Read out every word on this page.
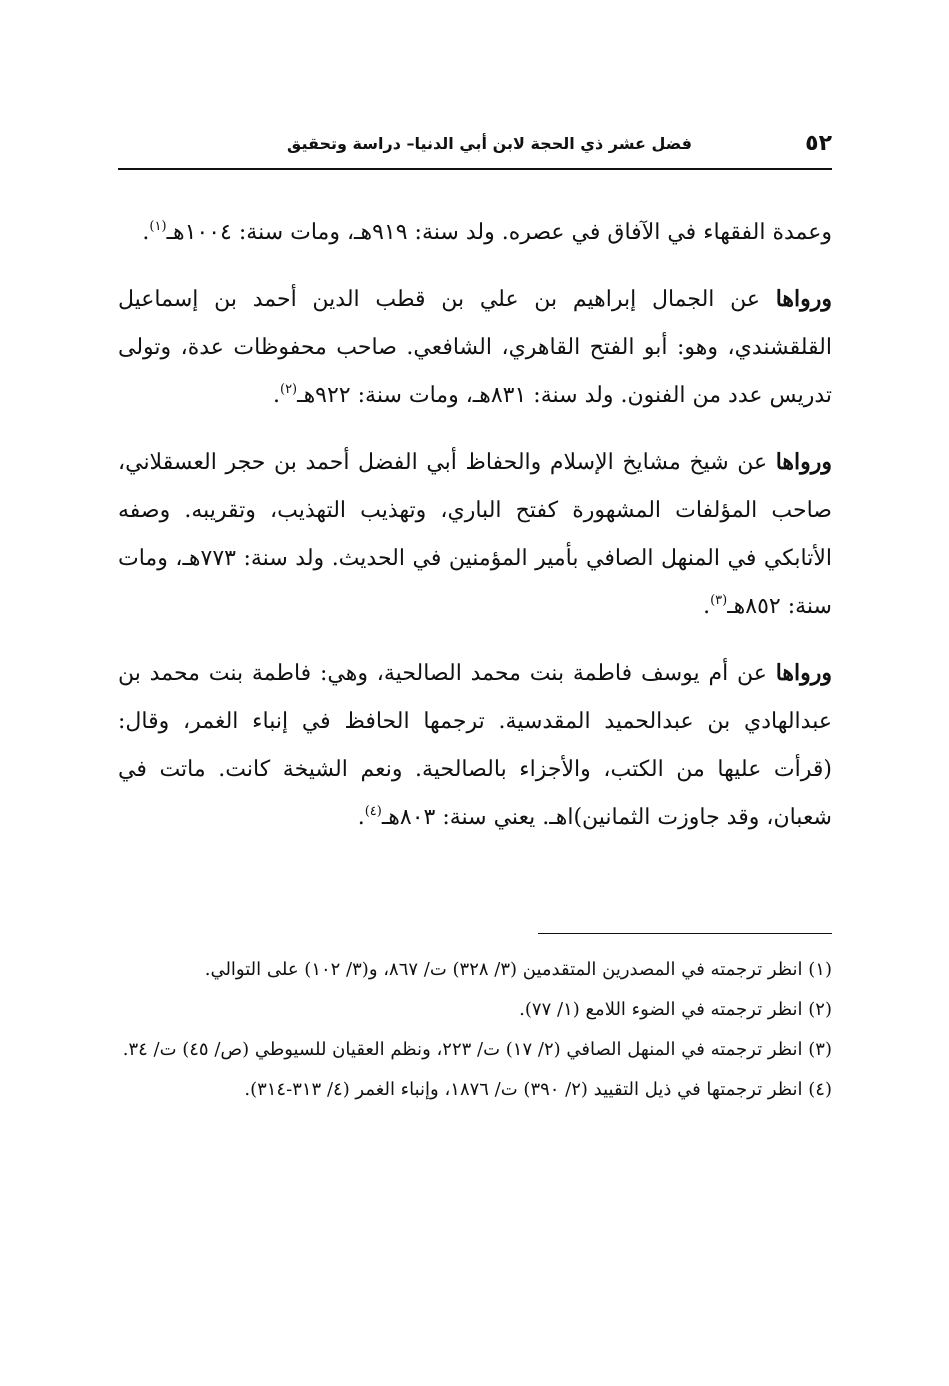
٥٢
فضل عشر ذي الحجة لابن أبي الدنيا– دراسة وتحقيق

وعمدة الفقهاء في الآفاق في عصره. ولد سنة: ٩١٩هـ، ومات سنة: ١٠٠٤هـ$^{(١)}$.

ورواها عن الجمال إبراهيم بن علي بن قطب الدين أحمد بن إسماعيل القلقشندي، وهو: أبو الفتح القاهري، الشافعي. صاحب محفوظات عدة، وتولى تدريس عدد من الفنون. ولد سنة: ٨٣١هـ، ومات سنة: ٩٢٢هـ$^{(٢)}$.

ورواها عن شيخ مشايخ الإسلام والحفاظ أبي الفضل أحمد بن حجر العسقلاني، صاحب المؤلفات المشهورة كفتح الباري، وتهذيب التهذيب، وتقريبه. وصفه الأتابكي في المنهل الصافي بأمير المؤمنين في الحديث. ولد سنة: ٧٧٣هـ، ومات سنة: ٨٥٢هـ$^{(٣)}$.

ورواها عن أم يوسف فاطمة بنت محمد الصالحية، وهي: فاطمة بنت محمد بن عبدالهادي بن عبدالحميد المقدسية. ترجمها الحافظ في إنباء الغمر، وقال: (قرأت عليها من الكتب، والأجزاء بالصالحية. ونعم الشيخة كانت. ماتت في شعبان، وقد جاوزت الثمانين)اهـ. يعني سنة: ٨٠٣هـ$^{(٤)}$.

(١) انظر ترجمته في المصدرين المتقدمين (٣/ ٣٢٨) ت/ ٨٦٧، و(٣/ ١٠٢) على التوالي.

(٢) انظر ترجمته في الضوء اللامع (١/ ٧٧).

(٣) انظر ترجمته في المنهل الصافي (٢/ ١٧) ت/ ٢٢٣، ونظم العقيان للسيوطي (ص/ ٤٥) ت/ ٣٤.

(٤) انظر ترجمتها في ذيل التقييد (٢/ ٣٩٠) ت/ ١٨٧٦، وإنباء الغمر (٤/ ٣١٣-٣١٤).
